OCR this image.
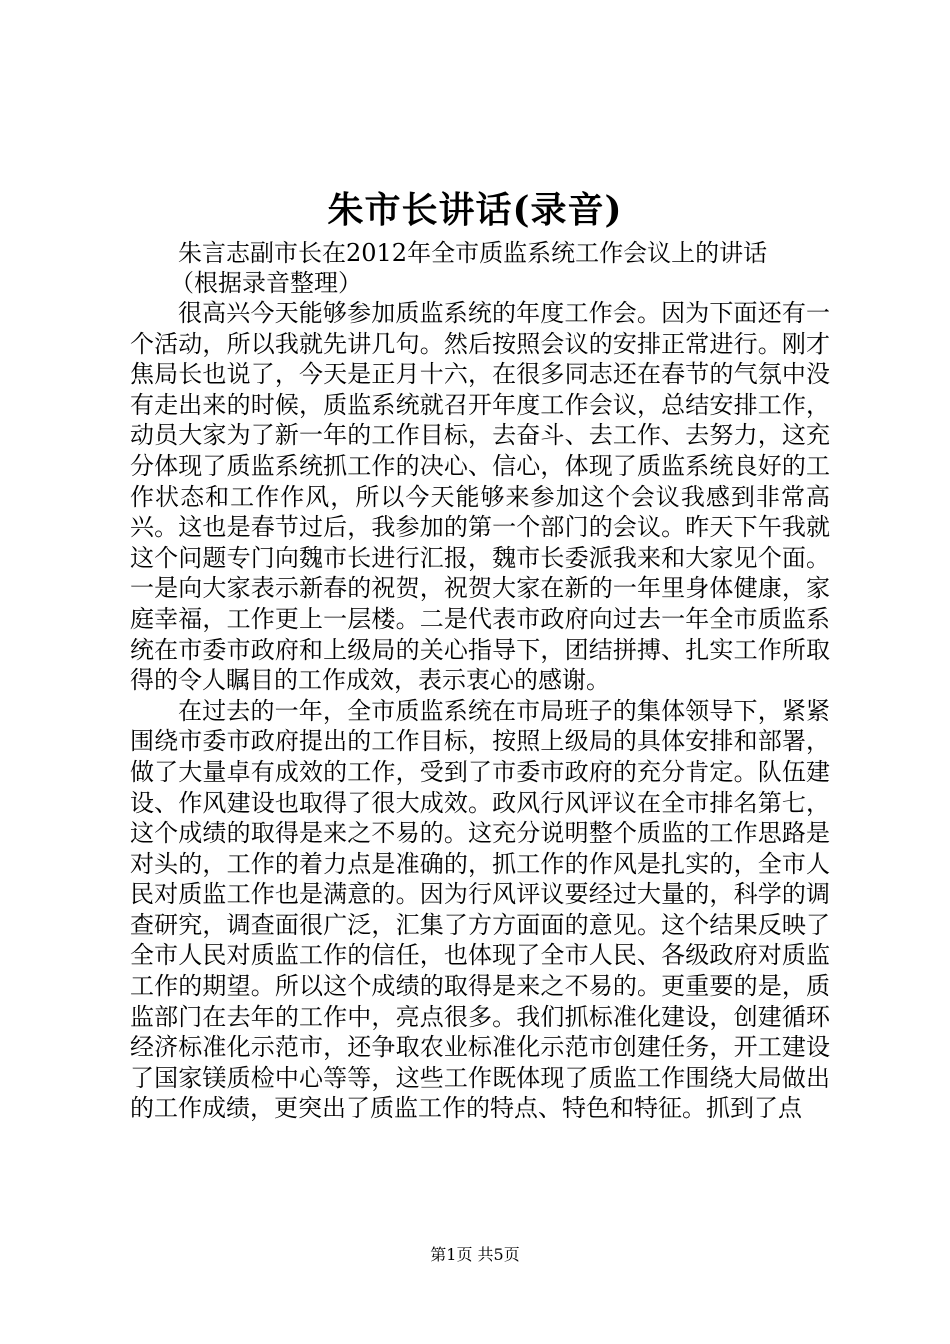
朱市长讲话(录音)
朱言志副市长在2012年全市质监系统工作会议上的讲话
（根据录音整理）

很高兴今天能够参加质监系统的年度工作会。因为下面还有一个活动，所以我就先讲几句。然后按照会议的安排正常进行。刚才焦局长也说了，今天是正月十六，在很多同志还在春节的气氛中没有走出来的时候，质监系统就召开年度工作会议，总结安排工作，动员大家为了新一年的工作目标，去奋斗、去工作、去努力，这充分体现了质监系统抓工作的决心、信心，体现了质监系统良好的工作状态和工作作风，所以今天能够来参加这个会议我感到非常高兴。这也是春节过后，我参加的第一个部门的会议。昨天下午我就这个问题专门向魏市长进行汇报，魏市长委派我来和大家见个面。一是向大家表示新春的祝贺，祝贺大家在新的一年里身体健康，家庭幸福，工作更上一层楼。二是代表市政府向过去一年全市质监系统在市委市政府和上级局的关心指导下，团结拼搏、扎实工作所取得的令人瞩目的工作成效，表示衷心的感谢。

在过去的一年，全市质监系统在市局班子的集体领导下，紧紧围绕市委市政府提出的工作目标，按照上级局的具体安排和部署，做了大量卓有成效的工作，受到了市委市政府的充分肯定。队伍建设、作风建设也取得了很大成效。政风行风评议在全市排名第七，这个成绩的取得是来之不易的。这充分说明整个质监的工作思路是对头的，工作的着力点是准确的，抓工作的作风是扎实的，全市人民对质监工作也是满意的。因为行风评议要经过大量的，科学的调查研究，调查面很广泛，汇集了方方面面的意见。这个结果反映了全市人民对质监工作的信任，也体现了全市人民、各级政府对质监工作的期望。所以这个成绩的取得是来之不易的。更重要的是，质监部门在去年的工作中，亮点很多。我们抓标准化建设，创建循环经济标准化示范市，还争取农业标准化示范市创建任务，开工建设了国家镁质检中心等等，这些工作既体现了质监工作围绕大局做出的工作成绩，更突出了质监工作的特点、特色和特征。抓到了点

第1页 共5页
